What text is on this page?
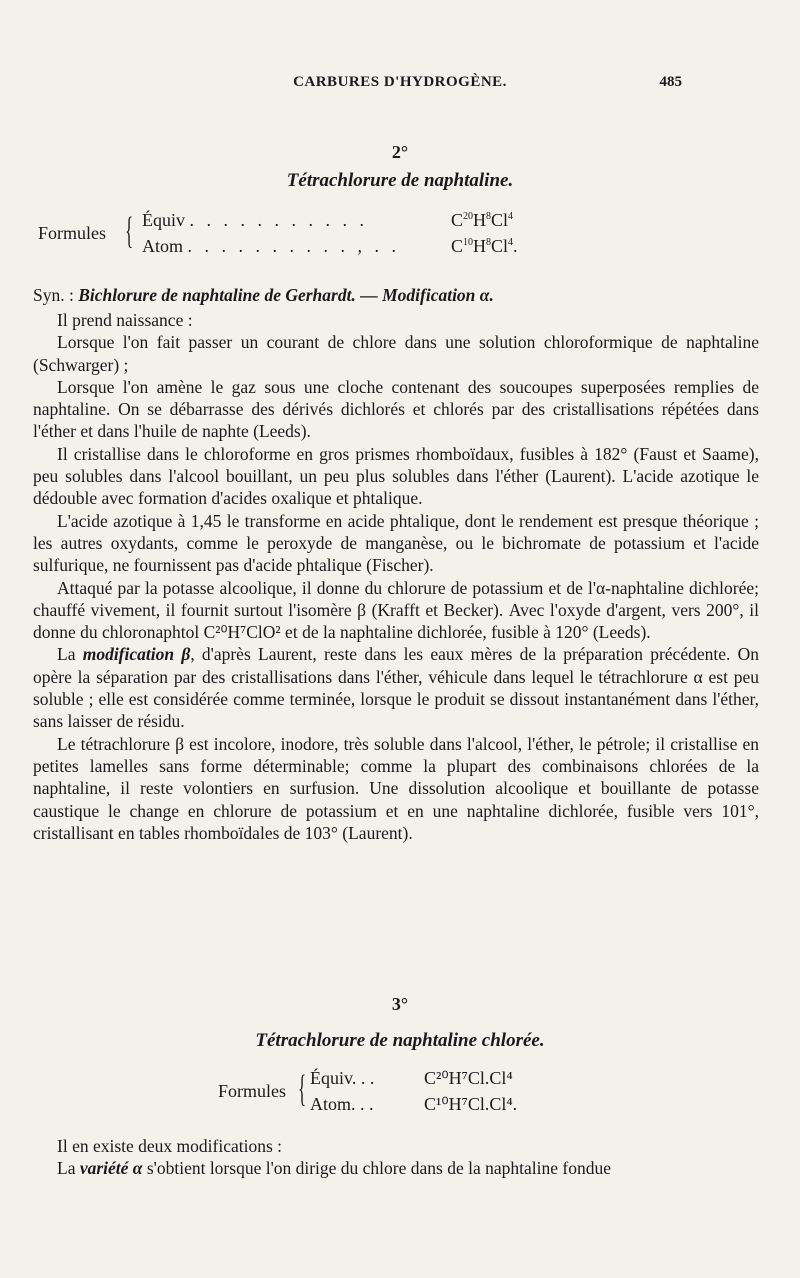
CARBURES D'HYDROGÈNE.	485
2°
Tétrachlorure de naphtaline.
Formules { Équiv . . . . . . . . . . .	$C^{20}H^8Cl^4$
Atom . . . . . . . . . . , . .	$C^{10}H^8Cl^4$.
Syn. : Bichlorure de naphtaline de Gerhardt. — Modification α.

Il prend naissance :

Lorsque l'on fait passer un courant de chlore dans une solution chloroformique de naphtaline (Schwarger) ;

Lorsque l'on amène le gaz sous une cloche contenant des soucoupes superposées remplies de naphtaline. On se débarrasse des dérivés dichlorés et chlorés par des cristallisations répétées dans l'éther et dans l'huile de naphte (Leeds).

Il cristallise dans le chloroforme en gros prismes rhomboïdaux, fusibles à 182° (Faust et Saame), peu solubles dans l'alcool bouillant, un peu plus solubles dans l'éther (Laurent). L'acide azotique le dédouble avec formation d'acides oxalique et phtalique.

L'acide azotique à 1,45 le transforme en acide phtalique, dont le rendement est presque théorique ; les autres oxydants, comme le peroxyde de manganèse, ou le bichromate de potassium et l'acide sulfurique, ne fournissent pas d'acide phtalique (Fischer).

Attaqué par la potasse alcoolique, il donne du chlorure de potassium et de l'α-naphtaline dichlorée; chauffé vivement, il fournit surtout l'isomère β (Krafft et Becker). Avec l'oxyde d'argent, vers 200°, il donne du chloronaphtol C²⁰H⁷ClO² et de la naphtaline dichlorée, fusible à 120° (Leeds).

La modification β, d'après Laurent, reste dans les eaux mères de la préparation précédente. On opère la séparation par des cristallisations dans l'éther, véhicule dans lequel le tétrachlorure α est peu soluble ; elle est considérée comme terminée, lorsque le produit se dissout instantanément dans l'éther, sans laisser de résidu.

Le tétrachlorure β est incolore, inodore, très soluble dans l'alcool, l'éther, le pétrole; il cristallise en petites lamelles sans forme déterminable; comme la plupart des combinaisons chlorées de la naphtaline, il reste volontiers en surfusion. Une dissolution alcoolique et bouillante de potasse caustique le change en chlorure de potassium et en une naphtaline dichlorée, fusible vers 101°, cristallisant en tables rhomboïdales de 103° (Laurent).

3°
Tétrachlorure de naphtaline chlorée.
Formules { Équiv. . .	C²⁰H⁷Cl.Cl⁴
Atom. . .	C¹⁰H⁷Cl.Cl⁴.

Il en existe deux modifications :

La variété α s'obtient lorsque l'on dirige du chlore dans de la naphtaline fondue
